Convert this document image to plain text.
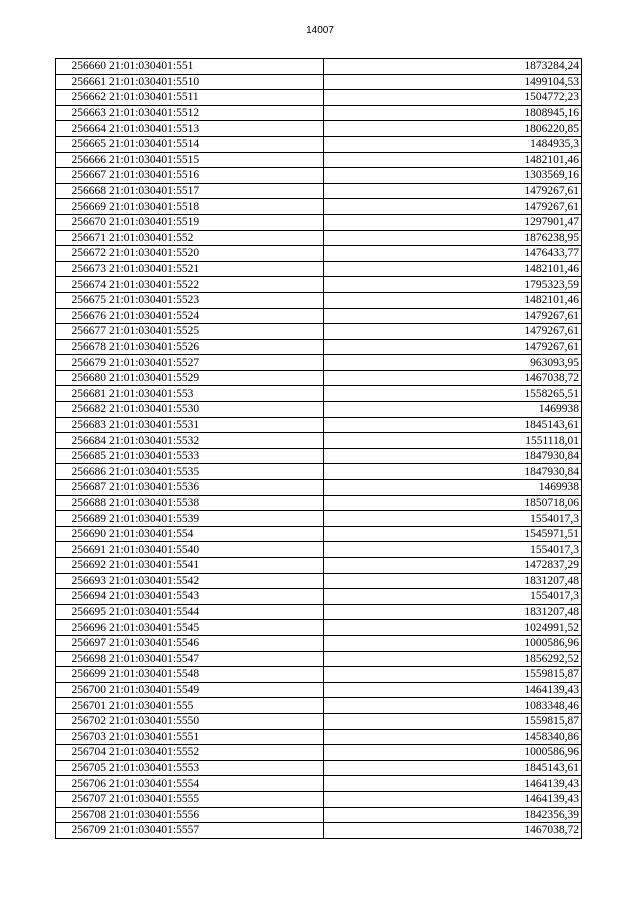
14007
256660	21:01:030401:551	1873284,24
256661	21:01:030401:5510	1499104,53
256662	21:01:030401:5511	1504772,23
256663	21:01:030401:5512	1808945,16
256664	21:01:030401:5513	1806220,85
256665	21:01:030401:5514	1484935,3
256666	21:01:030401:5515	1482101,46
256667	21:01:030401:5516	1303569,16
256668	21:01:030401:5517	1479267,61
256669	21:01:030401:5518	1479267,61
256670	21:01:030401:5519	1297901,47
256671	21:01:030401:552	1876238,95
256672	21:01:030401:5520	1476433,77
256673	21:01:030401:5521	1482101,46
256674	21:01:030401:5522	1795323,59
256675	21:01:030401:5523	1482101,46
256676	21:01:030401:5524	1479267,61
256677	21:01:030401:5525	1479267,61
256678	21:01:030401:5526	1479267,61
256679	21:01:030401:5527	963093,95
256680	21:01:030401:5529	1467038,72
256681	21:01:030401:553	1558265,51
256682	21:01:030401:5530	1469938
256683	21:01:030401:5531	1845143,61
256684	21:01:030401:5532	1551118,01
256685	21:01:030401:5533	1847930,84
256686	21:01:030401:5535	1847930,84
256687	21:01:030401:5536	1469938
256688	21:01:030401:5538	1850718,06
256689	21:01:030401:5539	1554017,3
256690	21:01:030401:554	1545971,51
256691	21:01:030401:5540	1554017,3
256692	21:01:030401:5541	1472837,29
256693	21:01:030401:5542	1831207,48
256694	21:01:030401:5543	1554017,3
256695	21:01:030401:5544	1831207,48
256696	21:01:030401:5545	1024991,52
256697	21:01:030401:5546	1000586,96
256698	21:01:030401:5547	1856292,52
256699	21:01:030401:5548	1559815,87
256700	21:01:030401:5549	1464139,43
256701	21:01:030401:555	1083348,46
256702	21:01:030401:5550	1559815,87
256703	21:01:030401:5551	1458340,86
256704	21:01:030401:5552	1000586,96
256705	21:01:030401:5553	1845143,61
256706	21:01:030401:5554	1464139,43
256707	21:01:030401:5555	1464139,43
256708	21:01:030401:5556	1842356,39
256709	21:01:030401:5557	1467038,72
